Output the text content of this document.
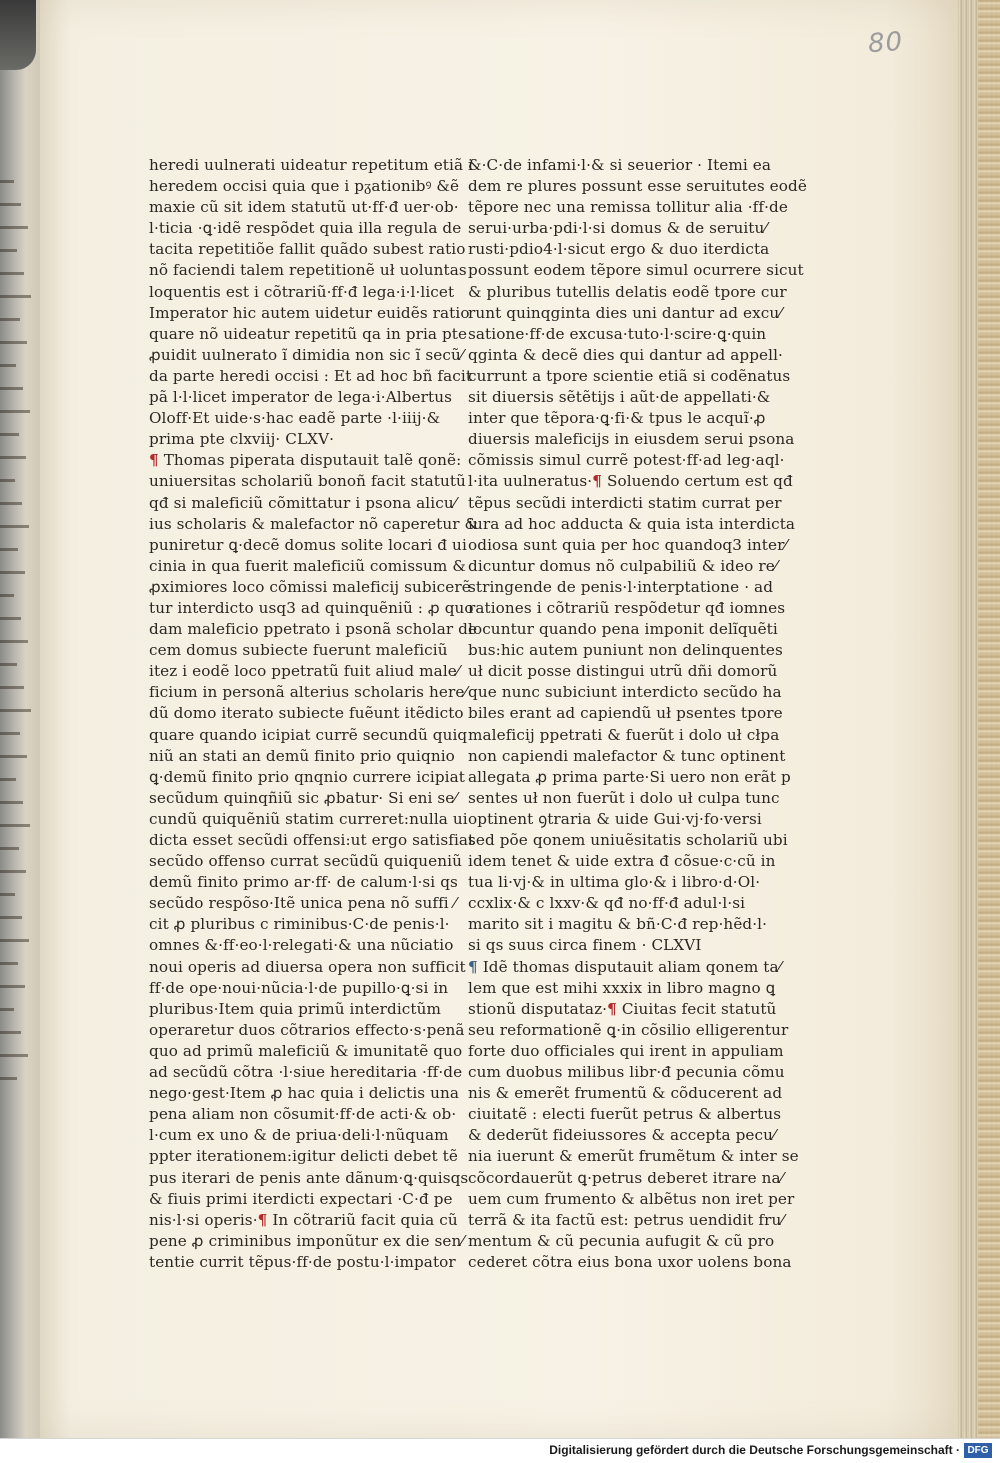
80
heredi uulnerati uideatur repetitum etiã i
heredem occisi quia que i pᵹationibꝰ &ẽ
maxie cũ sit idem statutũ ut·ff·đ uer·ob·
l·ticia ·ꝗ·idẽ respõdet quia illa regula de
tacita repetitiõe fallit quãdo subest ratio
nõ faciendi talem repetitionẽ uł uoluntas
loquentis est i cõtrariũ·ff·đ lega·i·l·licet
Imperator hic autem uidetur euidẽs ratio
quare nõ uideatur repetitũ qa in pria pte
ꝓuidit uulnerato ĩ dimidia non sic ĩ secũ⁄
da parte heredi occisi : Et ad hoc bñ facit
pã l·l·licet imperator de lega·i·Albertus
Oloff·Et uide·s·hac eadẽ parte ·l·iiij·&
prima pte clxviij· CLXV·
¶ Thomas piperata disputauit talẽ qonẽ:
uniuersitas scholariũ bonoñ facit statutũ
qđ si maleficiũ cõmittatur i psona alicu⁄
ius scholaris & malefactor nõ caperetur &
puniretur ꝗ·decẽ domus solite locari đ ui
cinia in qua fuerit maleficiũ comissum &
ꝓximiores loco cõmissi maleficij subicerẽ
tur interdicto usq3 ad quinquẽniũ : ꝓ quo
dam maleficio ppetrato i psonã scholar de
cem domus subiecte fuerunt maleficiũ
itez i eodẽ loco ppetratũ fuit aliud male⁄
ficium in personã alterius scholaris here⁄
dũ domo iterato subiecte fuẽunt itẽdicto
quare quando icipiat currẽ secundũ quiq
niũ an stati an demũ finito prio quiqnio
ꝗ·demũ finito prio qnqnio currere icipiat
secũdum quinqñiũ sic ꝓbatur· Si eni se⁄
cundũ quiquẽniũ statim curreret:nulla ui
dicta esset secũdi offensi:ut ergo satisfiat
secũdo offenso currat secũdũ quiqueniũ
demũ finito primo ar·ff· de calum·l·si qs
secũdo respõso·Itẽ unica pena nõ suffi ⁄
cit ꝓ pluribus c riminibus·C·de penis·l·
omnes &·ff·eo·l·relegati·& una nũciatio
noui operis ad diuersa opera non sufficit
ff·de ope·noui·nũcia·l·de pupillo·ꝗ·si in
pluribus·Item quia primũ interdictũm
operaretur duos cõtrarios effecto·s·penã
quo ad primũ maleficiũ & imunitatẽ quo
ad secũdũ cõtra ·l·siue hereditaria ·ff·de
nego·gest·Item ꝓ hac quia i delictis una
pena aliam non cõsumit·ff·de acti·& ob·
l·cum ex uno & de priua·deli·l·nũquam
ppter iterationem:igitur delicti debet tẽ
pus iterari de penis ante dãnum·ꝗ·quisqs
& fiuis primi iterdicti expectari ·C·đ pe
nis·l·si operis·¶ In cõtrariũ facit quia cũ
pene ꝓ criminibus imponũtur ex die sen⁄
tentie currit tẽpus·ff·de postu·l·impator
&·C·de infami·l·& si seuerior · Itemi ea
dem re plures possunt esse seruitutes eodẽ
tẽpore nec una remissa tollitur alia ·ff·de
serui·urba·pdi·l·si domus & de seruitu⁄
rusti·pdio4·l·sicut ergo & duo iterdicta
possunt eodem tẽpore simul ocurrere sicut
& pluribus tutellis delatis eodẽ tpore cur
runt quinqginta dies uni dantur ad excu⁄
satione·ff·de excusa·tuto·l·scire·ꝗ·quin
qginta & decẽ dies qui dantur ad appell·
currunt a tpore scientie etiã si codẽnatus
sit diuersis sẽtẽtijs i aũt·de appellati·&
inter que tẽpora·ꝗ·fi·& tpus le acquĩ·ꝓ
diuersis maleficijs in eiusdem serui psona
cõmissis simul currẽ potest·ff·ad leg·aql·
l·ita uulneratus·¶ Soluendo certum est qđ
tẽpus secũdi interdicti statim currat per
iura ad hoc adducta & quia ista interdicta
odiosa sunt quia per hoc quandoq3 inter⁄
dicuntur domus nõ culpabiliũ & ideo re⁄
stringende de penis·l·interptatione · ad
rationes i cõtrariũ respõdetur qđ iomnes
locuntur quando pena imponit delĩquẽti
bus:hic autem puniunt non delinquentes
uł dicit posse distingui utrũ dñi domorũ
que nunc subiciunt interdicto secũdo ha
biles erant ad capiendũ uł psentes tpore
maleficij ppetrati & fuerũt i dolo uł cłpa
non capiendi malefactor & tunc optinent
allegata ꝓ prima parte·Si uero non erãt p
sentes uł non fuerũt i dolo uł culpa tunc
optinent ꝯtraria & uide Gui·vj·fo·versi
sed põe qonem uniuẽsitatis scholariũ ubi
idem tenet & uide extra đ cõsue·c·cũ in
tua li·vj·& in ultima glo·& i libro·d·Ol·
ccxlix·& c lxxv·& qđ no·ff·đ adul·l·si
marito sit i magitu & bñ·C·đ rep·hẽd·l·
si qs suus circa finem · CLXVI
¶ Idẽ thomas disputauit aliam qonem ta⁄
lem que est mihi xxxix in libro magno ꝗ
stionũ disputataz·¶ Ciuitas fecit statutũ
seu reformationẽ ꝗ·in cõsilio elligerentur
forte duo officiales qui irent in appuliam
cum duobus milibus libr·đ pecunia cõmu
nis & emerẽt frumentũ & cõducerent ad
ciuitatẽ : electi fuerũt petrus & albertus
& dederũt fideiussores & accepta pecu⁄
nia iuerunt & emerũt frumẽtum & inter se
cõcordauerũt ꝗ·petrus deberet itrare na⁄
uem cum frumento & albẽtus non iret per
terrã & ita factũ est: petrus uendidit fru⁄
mentum & cũ pecunia aufugit & cũ pro
cederet cõtra eius bona uxor uolens bona
Digitalisierung gefördert durch die Deutsche Forschungsgemeinschaft · DFG
